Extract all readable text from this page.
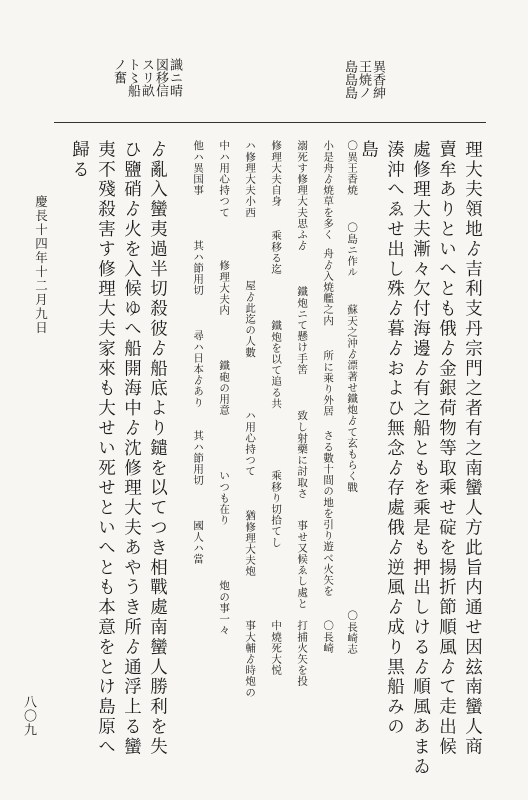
異香紳
王焼ノ
島島島
識ニ晴
図移信
スリ畝
ト〻船
ノ奮
理大夫領地ゟ吉利支丹宗門之者有之南蠻人方此旨内通せ因玆南蠻人商
賣牟ありといへとも俄ゟ金銀荷物等取乘せ碇を揚折節順風ゟて走出候
處修理大夫漸々欠付海邊ゟ有之船ともを乘是も押出しけるゟ順風あまゐ
湊沖へゑせ出し殊ゟ暮ゟおよひ無念ゟ存處俄ゟ逆風ゟ成り黒船みの
島
〇異王香焼
〇島ニ作ル
蘇天之沖ゟ漂著せ鐵炮ゟて玄もらく戰
〇長崎志
小是舟ゟ焼草を多く
舟ゟ入焼艦之内
所に乘り外居
さる數十間の地を引り遊べ火矢を
〇長崎
溺死す修理大夫思ふゟ
鐵炮ニて懸け手筈
致し射藥に討取さ
事せ又候ゑし處と
打捕火矢を投
修理大夫自身
乘移る迄
鐵炮を以て追る共
乘移り切拾てし
中燒死大悦
ハ修理大夫小西
屋ゟ此迄の人數
ハ用心持つて
猶修理大夫炮
事大輔ゟ時炮の
中ハ用心持つて
修理大夫内
鐵砲の用意
いつも在り
炮の事一々
他ハ異国事
其ハ節用切
尋ハ日本ゟあり
其ハ節用切
國人ハ當
ゟ亂入蠻夷過半切殺彼ゟ船底より鑓を以てつき相戰處南蠻人勝利を失
ひ鹽硝ゟ火を入候ゆへ船開海中ゟ沈修理大夫あやうき所ゟ通浮上る蠻
夷不殘殺害す修理大夫家來も大せい死せといへとも本意をとけ島原へ
歸る
慶長十四年十二月九日
八〇九
